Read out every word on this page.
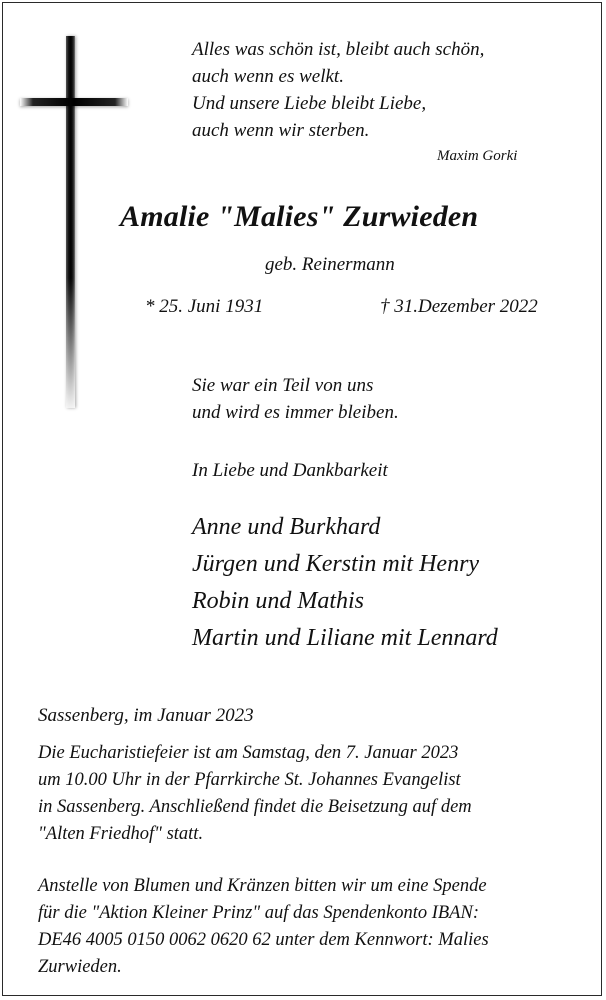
Alles was schön ist, bleibt auch schön,

auch wenn es welkt.

Und unsere Liebe bleibt Liebe,

auch wenn wir sterben.

Maxim Gorki

Amalie "Malies" Zurwieden

geb. Reinermann

* 25. Juni 1931	† 31.Dezember 2022

Sie war ein Teil von uns

und wird es immer bleiben.

In Liebe und Dankbarkeit

Anne und Burkhard

Jürgen und Kerstin mit Henry

Robin und Mathis

Martin und Liliane mit Lennard

Sassenberg, im Januar 2023

Die Eucharistiefeier ist am Samstag, den 7. Januar 2023

um 10.00 Uhr in der Pfarrkirche St. Johannes Evangelist

in Sassenberg. Anschließend findet die Beisetzung auf dem

"Alten Friedhof" statt.

Anstelle von Blumen und Kränzen bitten wir um eine Spende

für die "Aktion Kleiner Prinz" auf das Spendenkonto IBAN:

DE46 4005 0150 0062 0620 62 unter dem Kennwort: Malies

Zurwieden.
